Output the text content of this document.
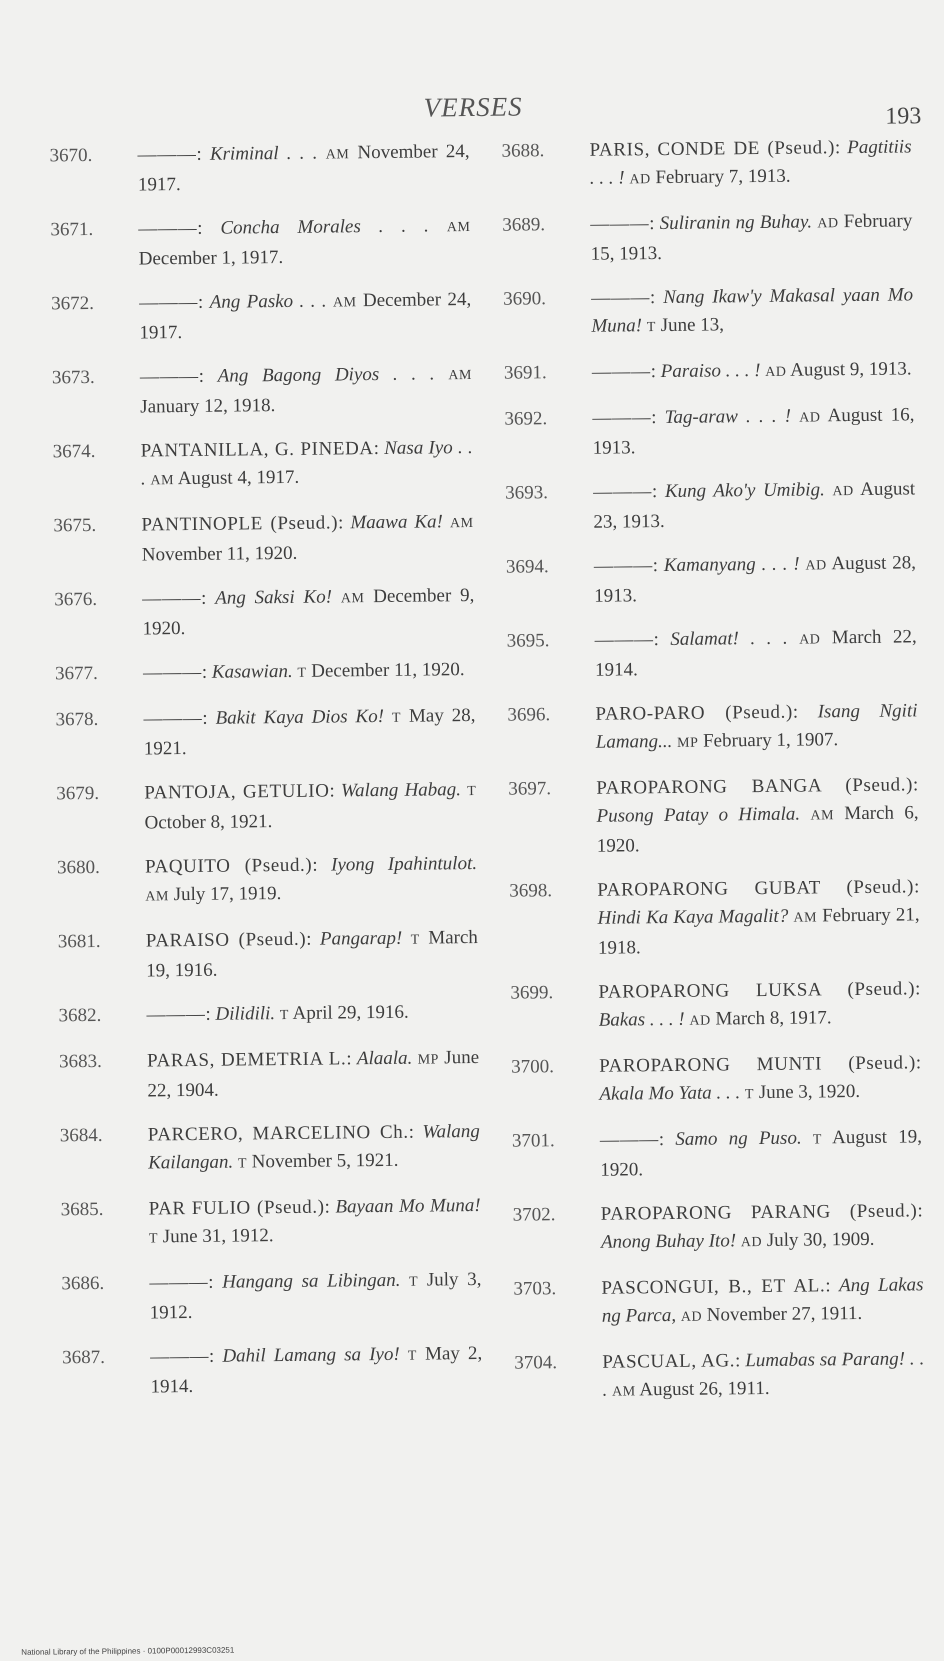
VERSES	193
3670.	———: Kriminal . . . AM November 24, 1917.
3671.	———: Concha Morales . . . AM December 1, 1917.
3672.	———: Ang Pasko . . . AM December 24, 1917.
3673.	———: Ang Bagong Diyos . . . AM January 12, 1918.
3674.	PANTANILLA, G. PINEDA: Nasa Iyo . . . AM August 4, 1917.
3675.	PANTINOPLE (Pseud.): Maawa Ka! AM November 11, 1920.
3676.	———: Ang Saksi Ko! AM December 9, 1920.
3677.	———: Kasawian. T December 11, 1920.
3678.	———: Bakit Kaya Dios Ko! T May 28, 1921.
3679.	PANTOJA, GETULIO: Walang Habag. T October 8, 1921.
3680.	PAQUITO (Pseud.): Iyong Ipahintulot. AM July 17, 1919.
3681.	PARAISO (Pseud.): Pangarap! T March 19, 1916.
3682.	———: Dilidili. T April 29, 1916.
3683.	PARAS, DEMETRIA L.: Alaala. MP June 22, 1904.
3684.	PARCERO, MARCELINO Ch.: Walang Kailangan. T November 5, 1921.
3685.	PAR FULIO (Pseud.): Bayaan Mo Muna! T June 31, 1912.
3686.	———: Hangang sa Libingan. T July 3, 1912.
3687.	———: Dahil Lamang sa Iyo! T May 2, 1914.
3688.	PARIS, CONDE DE (Pseud.): Pagtitiis . . . ! AD February 7, 1913.
3689.	———: Suliranin ng Buhay. AD February 15, 1913.
3690.	———: Nang Ikaw'y Makasal yaan Mo Muna! T June 13,
3691.	———: Paraiso . . . ! AD August 9, 1913.
3692.	———: Tag-araw . . . ! AD August 16, 1913.
3693.	———: Kung Ako'y Umibig. AD August 23, 1913.
3694.	———: Kamanyang . . . ! AD August 28, 1913.
3695.	———: Salamat! . . . AD March 22, 1914.
3696.	PARO-PARO (Pseud.): Isang Ngiti Lamang... MP February 1, 1907.
3697.	PAROPARONG BANGA (Pseud.): Pusong Patay o Himala. AM March 6, 1920.
3698.	PAROPARONG GUBAT (Pseud.): Hindi Ka Kaya Magalit? AM February 21, 1918.
3699.	PAROPARONG LUKSA (Pseud.): Bakas . . . ! AD March 8, 1917.
3700.	PAROPARONG MUNTI (Pseud.): Akala Mo Yata . . . T June 3, 1920.
3701.	———: Samo ng Puso. T August 19, 1920.
3702.	PAROPARONG PARANG (Pseud.): Anong Buhay Ito! AD July 30, 1909.
3703.	PASCONGUI, B., ET AL.: Ang Lakas ng Parca, AD November 27, 1911.
3704.	PASCUAL, AG.: Lumabas sa Parang! . . . AM August 26, 1911.
National Library of the Philippines · 0100P00012993C03251
